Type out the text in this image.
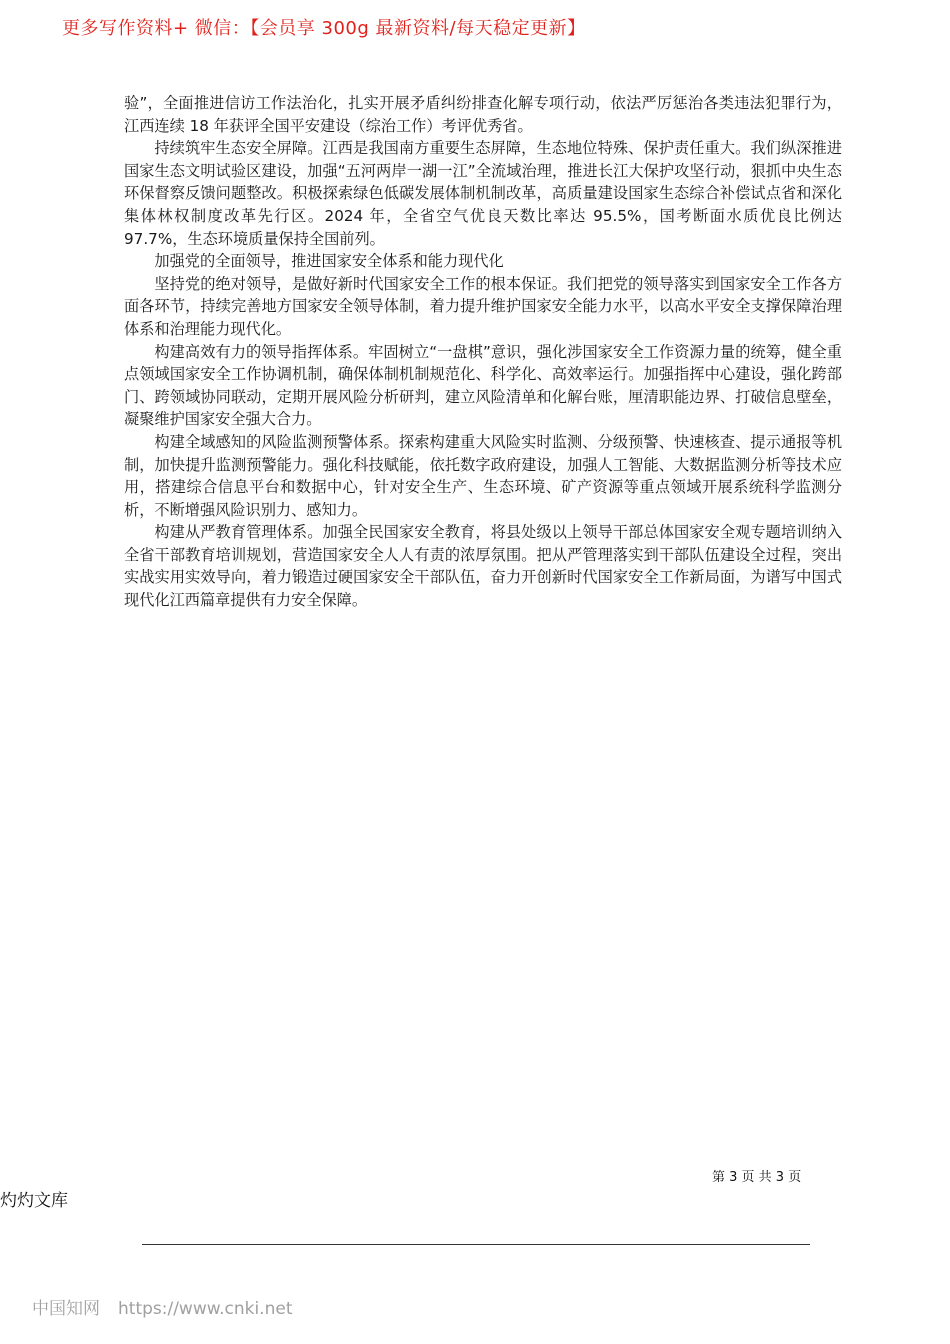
更多写作资料+ 微信：【会员享 300g 最新资料/每天稳定更新】

验”，全面推进信访工作法治化，扎实开展矛盾纠纷排查化解专项行动，依法严厉惩治各类违法犯罪行为，江西连续 18 年获评全国平安建设（综治工作）考评优秀省。

持续筑牢生态安全屏障。江西是我国南方重要生态屏障，生态地位特殊、保护责任重大。我们纵深推进国家生态文明试验区建设，加强“五河两岸一湖一江”全流域治理，推进长江大保护攻坚行动，狠抓中央生态环保督察反馈问题整改。积极探索绿色低碳发展体制机制改革，高质量建设国家生态综合补偿试点省和深化集体林权制度改革先行区。2024 年，全省空气优良天数比率达 95.5%，国考断面水质优良比例达 97.7%，生态环境质量保持全国前列。

加强党的全面领导，推进国家安全体系和能力现代化

坚持党的绝对领导，是做好新时代国家安全工作的根本保证。我们把党的领导落实到国家安全工作各方面各环节，持续完善地方国家安全领导体制，着力提升维护国家安全能力水平，以高水平安全支撑保障治理体系和治理能力现代化。

构建高效有力的领导指挥体系。牢固树立“一盘棋”意识，强化涉国家安全工作资源力量的统筹，健全重点领域国家安全工作协调机制，确保体制机制规范化、科学化、高效率运行。加强指挥中心建设，强化跨部门、跨领域协同联动，定期开展风险分析研判，建立风险清单和化解台账，厘清职能边界、打破信息壁垒，凝聚维护国家安全强大合力。

构建全域感知的风险监测预警体系。探索构建重大风险实时监测、分级预警、快速核查、提示通报等机制，加快提升监测预警能力。强化科技赋能，依托数字政府建设，加强人工智能、大数据监测分析等技术应用，搭建综合信息平台和数据中心，针对安全生产、生态环境、矿产资源等重点领域开展系统科学监测分析，不断增强风险识别力、感知力。

构建从严教育管理体系。加强全民国家安全教育，将县处级以上领导干部总体国家安全观专题培训纳入全省干部教育培训规划，营造国家安全人人有责的浓厚氛围。把从严管理落实到干部队伍建设全过程，突出实战实用实效导向，着力锻造过硬国家安全干部队伍，奋力开创新时代国家安全工作新局面，为谱写中国式现代化江西篇章提供有力安全保障。

第 3 页 共 3 页
灼灼文库
中国知网 https://www.cnki.net
